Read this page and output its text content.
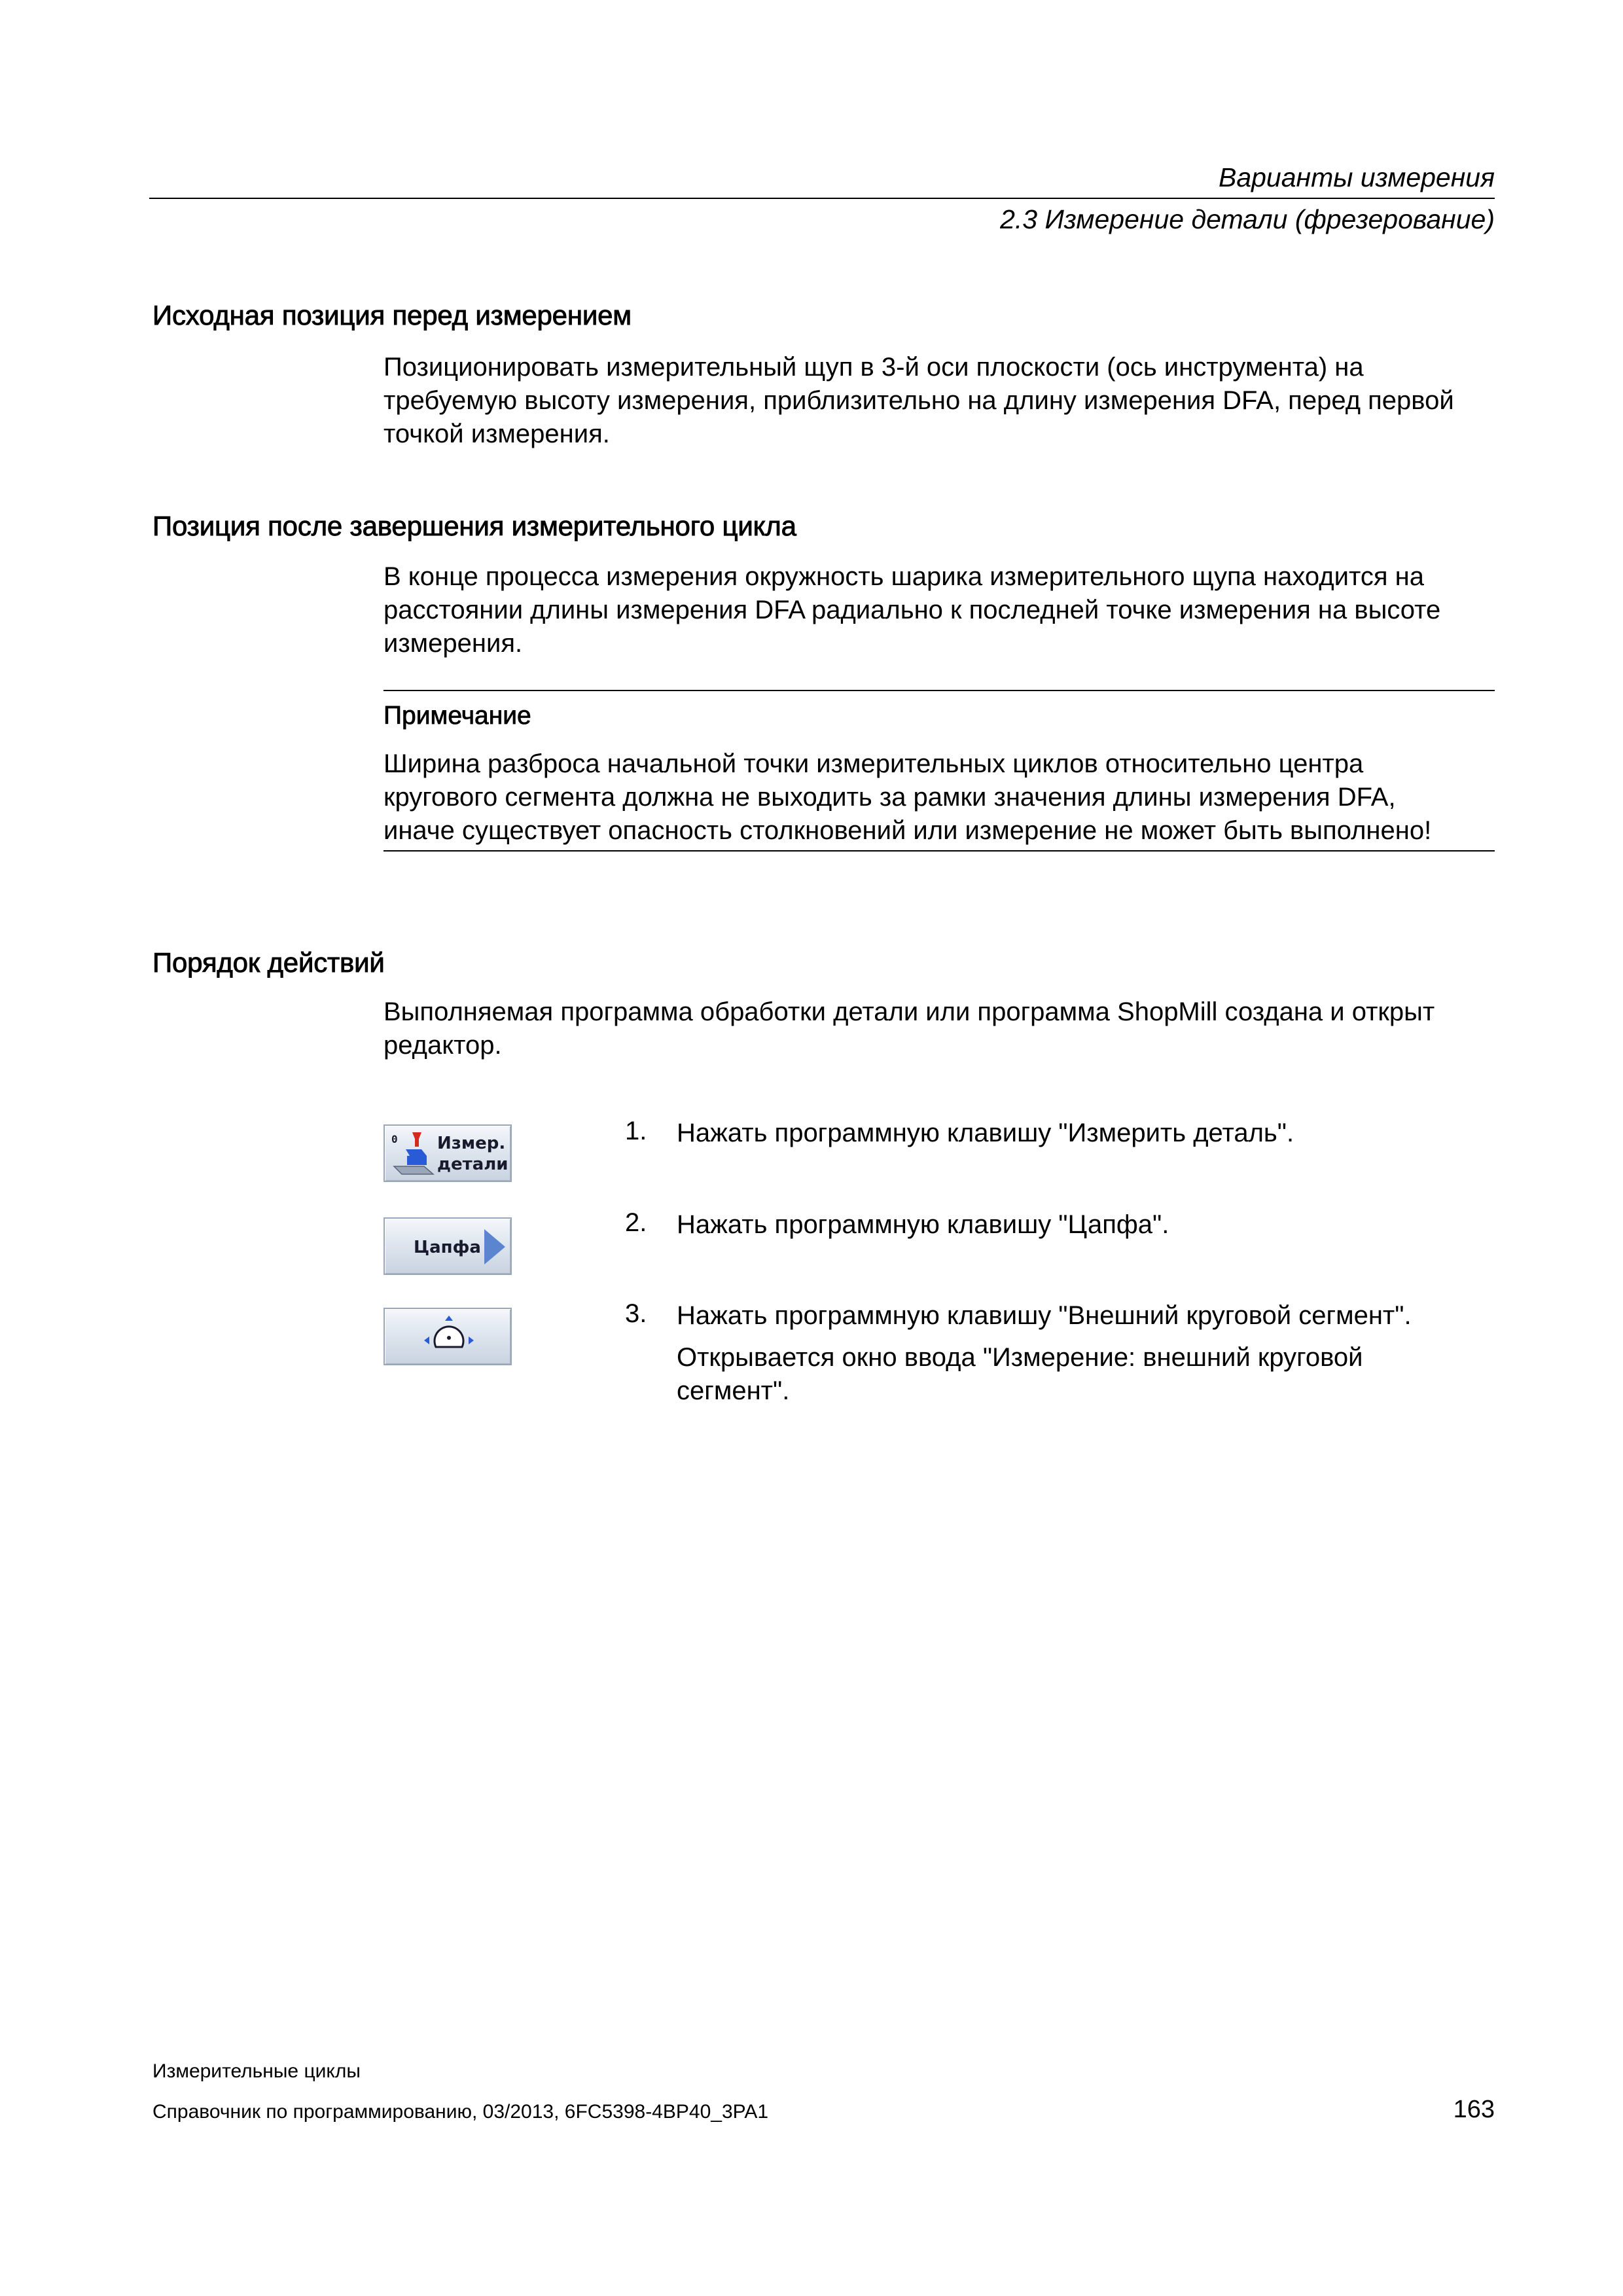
Варианты измерения
2.3 Измерение детали (фрезерование)
Исходная позиция перед измерением
Позиционировать измерительный щуп в 3-й оси плоскости (ось инструмента) на
требуемую высоту измерения, приблизительно на длину измерения DFA, перед первой
точкой измерения.
Позиция после завершения измерительного цикла
В конце процесса измерения окружность шарика измерительного щупа находится на
расстоянии длины измерения DFA радиально к последней точке измерения на высоте
измерения.
Примечание
Ширина разброса начальной точки измерительных циклов относительно центра
кругового сегмента должна не выходить за рамки значения длины измерения DFA,
иначе существует опасность столкновений или измерение не может быть выполнено!
Порядок действий
Выполняемая программа обработки детали или программа ShopMill создана и открыт
редактор.
0 Измер.
детали
1. Нажать программную клавишу "Измерить деталь".

Цапфа
2. Нажать программную клавишу "Цапфа".

3. Нажать программную клавишу "Внешний круговой сегмент".
Открывается окно ввода "Измерение: внешний круговой
сегмент".
Измерительные циклы
Справочник по программированию, 03/2013, 6FC5398-4BP40_3PA1	163
